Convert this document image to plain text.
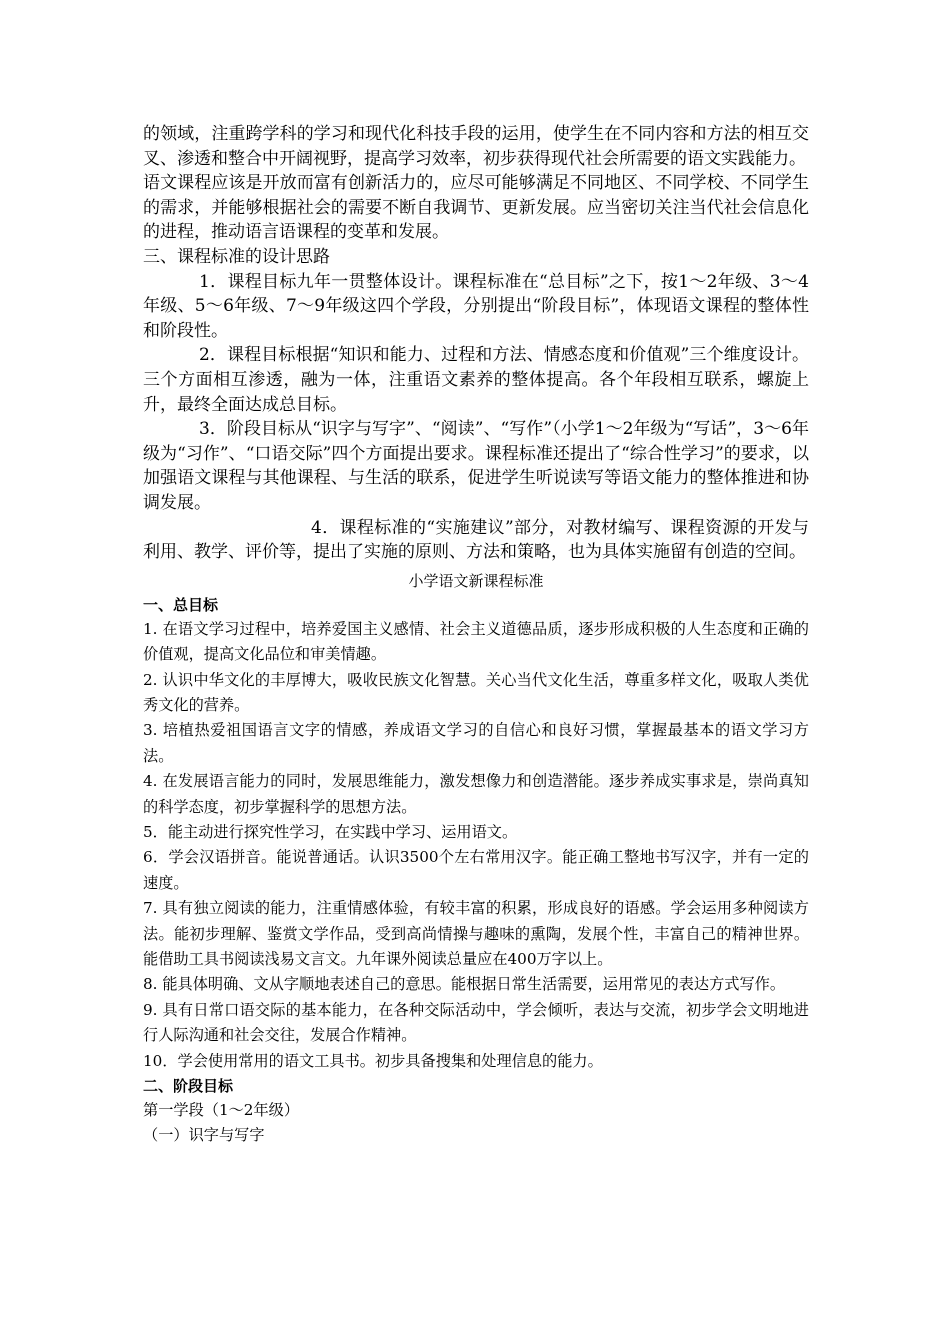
的领域，注重跨学科的学习和现代化科技手段的运用，使学生在不同内容和方法的相互交叉、渗透和整合中开阔视野，提高学习效率，初步获得现代社会所需要的语文实践能力。

语文课程应该是开放而富有创新活力的，应尽可能够满足不同地区、不同学校、不同学生的需求，并能够根据社会的需要不断自我调节、更新发展。应当密切关注当代社会信息化的进程，推动语言语课程的变革和发展。

三、课程标准的设计思路

1．课程目标九年一贯整体设计。课程标准在“总目标”之下，按1～2年级、3～4年级、5～6年级、7～9年级这四个学段，分别提出“阶段目标”，体现语文课程的整体性和阶段性。

2．课程目标根据“知识和能力、过程和方法、情感态度和价值观”三个维度设计。三个方面相互渗透，融为一体，注重语文素养的整体提高。各个年段相互联系，螺旋上升，最终全面达成总目标。

3．阶段目标从“识字与写字”、“阅读”、“写作”（小学1～2年级为“写话”，3～6年级为“习作”、“口语交际”四个方面提出要求。课程标准还提出了“综合性学习”的要求，以加强语文课程与其他课程、与生活的联系，促进学生听说读写等语文能力的整体推进和协调发展。

4．课程标准的“实施建议”部分，对教材编写、课程资源的开发与利用、教学、评价等，提出了实施的原则、方法和策略，也为具体实施留有创造的空间。

小学语文新课程标准

一、总目标

1. 在语文学习过程中，培养爱国主义感情、社会主义道德品质，逐步形成积极的人生态度和正确的价值观，提高文化品位和审美情趣。

2. 认识中华文化的丰厚博大，吸收民族文化智慧。关心当代文化生活，尊重多样文化，吸取人类优秀文化的营养。

3. 培植热爱祖国语言文字的情感，养成语文学习的自信心和良好习惯，掌握最基本的语文学习方法。

4. 在发展语言能力的同时，发展思维能力，激发想像力和创造潜能。逐步养成实事求是，崇尚真知的科学态度，初步掌握科学的思想方法。

5．能主动进行探究性学习，在实践中学习、运用语文。

6．学会汉语拼音。能说普通话。认识3500个左右常用汉字。能正确工整地书写汉字，并有一定的速度。

7. 具有独立阅读的能力，注重情感体验，有较丰富的积累，形成良好的语感。学会运用多种阅读方法。能初步理解、鉴赏文学作品，受到高尚情操与趣味的熏陶，发展个性，丰富自己的精神世界。能借助工具书阅读浅易文言文。九年课外阅读总量应在400万字以上。

8. 能具体明确、文从字顺地表述自己的意思。能根据日常生活需要，运用常见的表达方式写作。

9. 具有日常口语交际的基本能力，在各种交际活动中，学会倾听，表达与交流，初步学会文明地进行人际沟通和社会交往，发展合作精神。

10．学会使用常用的语文工具书。初步具备搜集和处理信息的能力。

二、阶段目标

第一学段（1～2年级）

（一）识字与写字
